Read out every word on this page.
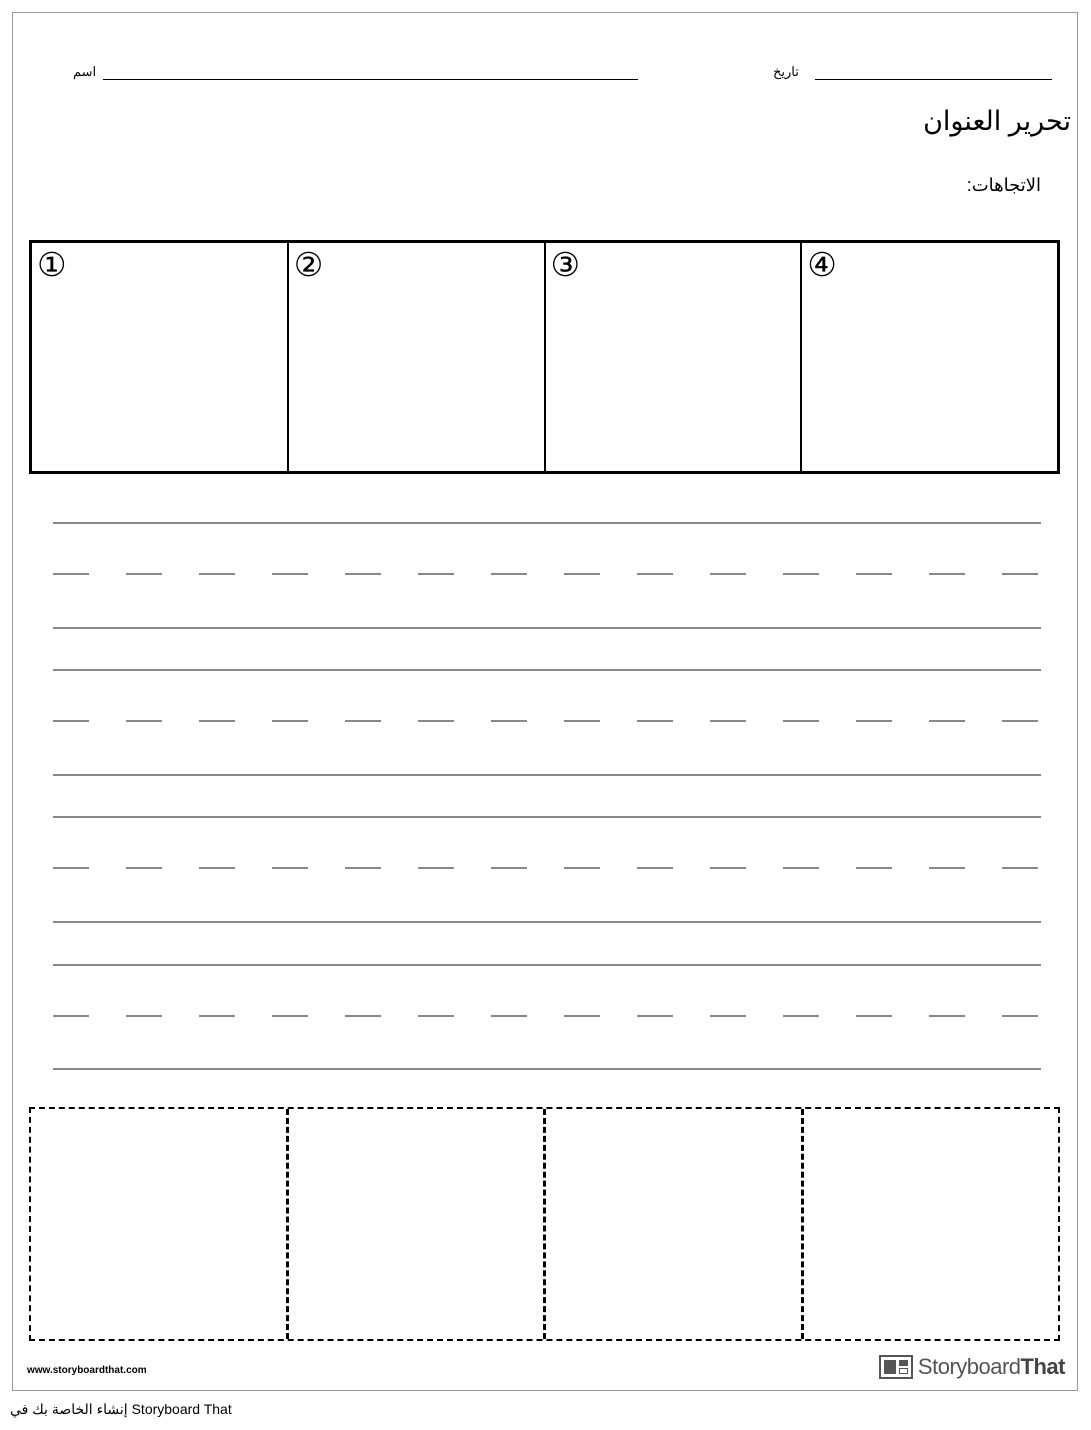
اسم	تاريخ
تحرير العنوان
الاتجاهات:
①	②	③	④
www.storyboardthat.com	StoryboardThat
إنشاء الخاصة بك في Storyboard That
